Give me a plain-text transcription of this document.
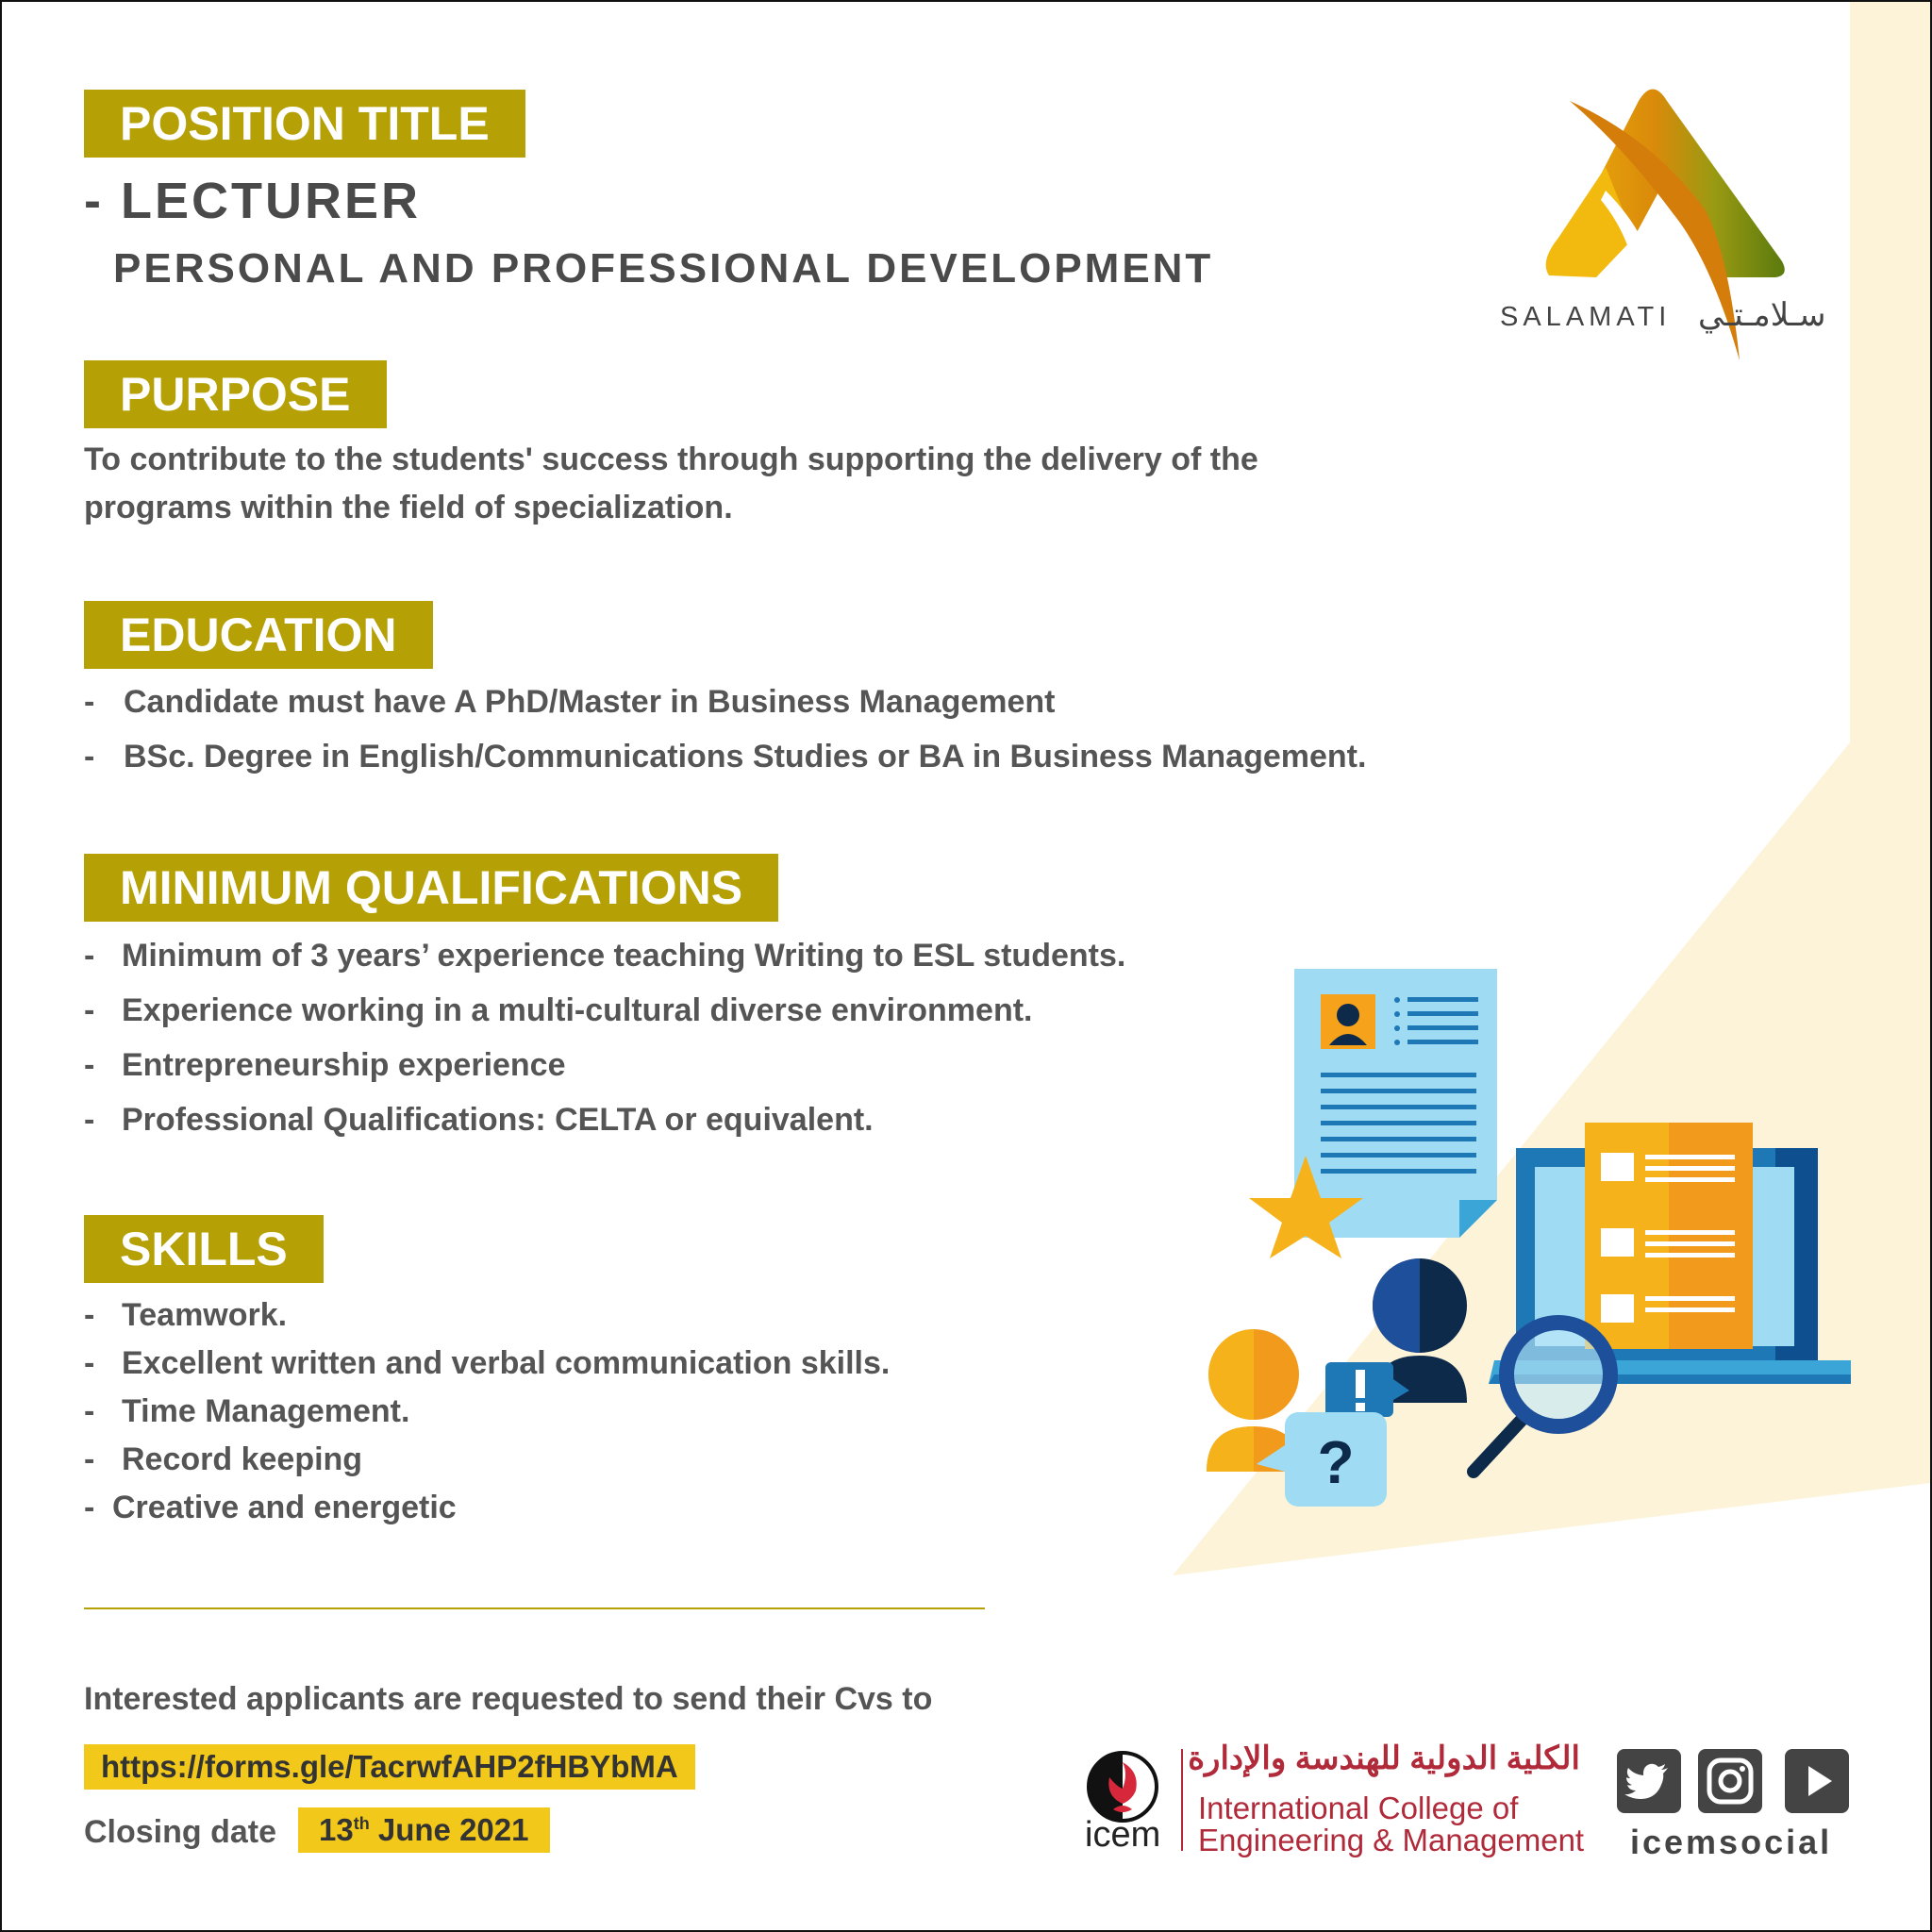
POSITION TITLE
- LECTURER
PERSONAL AND PROFESSIONAL DEVELOPMENT
SALAMATI سـلامـتـي
PURPOSE
To contribute to the students' success through supporting the delivery of the programs within the field of specialization.
EDUCATION
- Candidate must have A PhD/Master in Business Management
- BSc. Degree in English/Communications Studies or BA in Business Management.
MINIMUM QUALIFICATIONS
- Minimum of 3 years’ experience teaching Writing to ESL students.
- Experience working in a multi-cultural diverse environment.
- Entrepreneurship experience
- Professional Qualifications: CELTA or equivalent.
SKILLS
- Teamwork.
- Excellent written and verbal communication skills.
- Time Management.
- Record keeping
- Creative and energetic
?
Interested applicants are requested to send their Cvs to
https://forms.gle/TacrwfAHP2fHBYbMA
Closing date	13th June 2021	icem
الكلية الدولية للهندسة والإدارة
International College of
Engineering & Management icemsocial
